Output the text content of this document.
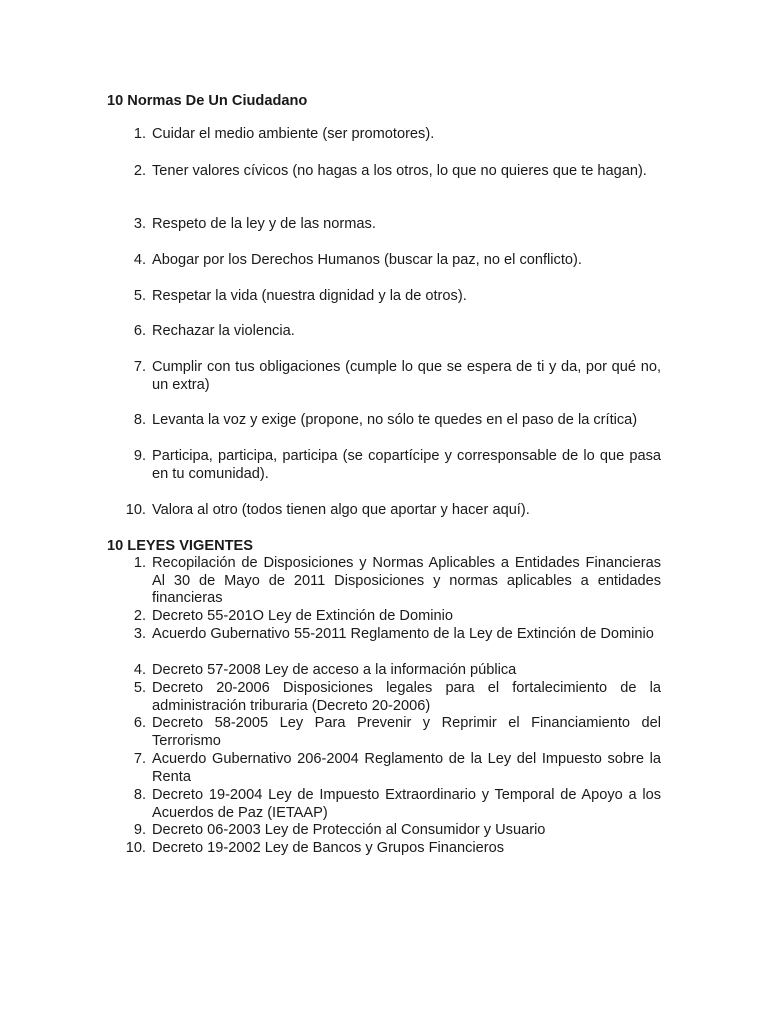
10 Normas De Un Ciudadano
1. Cuidar el medio ambiente (ser promotores).
2. Tener valores cívicos (no hagas a los otros, lo que no quieres que te hagan).
3. Respeto de la ley y de las normas.
4. Abogar por los Derechos Humanos (buscar la paz, no el conflicto).
5. Respetar la vida (nuestra dignidad y la de otros).
6. Rechazar la violencia.
7. Cumplir con tus obligaciones (cumple lo que se espera de ti y da, por qué no, un extra)
8. Levanta la voz y exige (propone, no sólo te quedes en el paso de la crítica)
9. Participa, participa, participa (se copartícipe y corresponsable de lo que pasa en tu comunidad).
10. Valora al otro (todos tienen algo que aportar y hacer aquí).
10 LEYES VIGENTES
1. Recopilación de Disposiciones y Normas Aplicables a Entidades Financieras Al 30 de Mayo de 2011 Disposiciones y normas aplicables a entidades financieras
2. Decreto 55-201O Ley de Extinción de Dominio
3. Acuerdo Gubernativo 55-2011 Reglamento de la Ley de Extinción de Dominio
4. Decreto 57-2008 Ley de acceso a la información pública
5. Decreto 20-2006 Disposiciones legales para el fortalecimiento de la administración triburaria (Decreto 20-2006)
6. Decreto 58-2005 Ley Para Prevenir y Reprimir el Financiamiento del Terrorismo
7. Acuerdo Gubernativo 206-2004 Reglamento de la Ley del Impuesto sobre la Renta
8. Decreto 19-2004 Ley de Impuesto Extraordinario y Temporal de Apoyo a los Acuerdos de Paz (IETAAP)
9. Decreto 06-2003 Ley de Protección al Consumidor y Usuario
10. Decreto 19-2002 Ley de Bancos y Grupos Financieros
